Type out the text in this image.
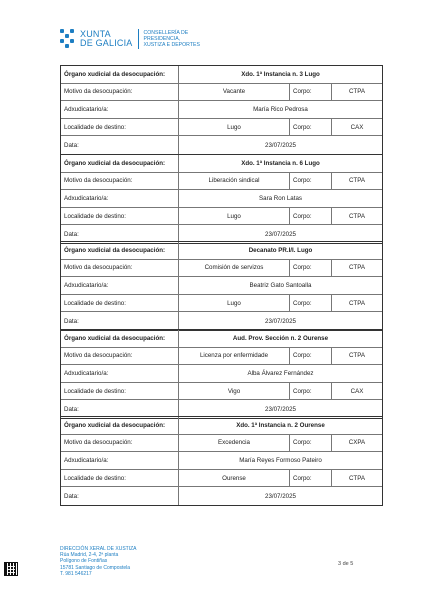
XUNTA
DE GALICIA
CONSELLERÍA DE
PRESIDENCIA,
XUSTIZA E DEPORTES
Órgano xudicial da desocupación:	Xdo. 1ª Instancia n. 3 Lugo
Motivo da desocupación:	Vacante	Corpo:	CTPA
Adxudicatario/a:	María Rico Pedrosa
Localidade de destino:	Lugo	Corpo:	CAX
Data:	23/07/2025
Órgano xudicial da desocupación:	Xdo. 1ª Instancia n. 6 Lugo
Motivo da desocupación:	Liberación sindical	Corpo:	CTPA
Adxudicatario/a:	Sara Ron Latas
Localidade de destino:	Lugo	Corpo:	CTPA
Data:	23/07/2025
Órgano xudicial da desocupación:	Decanato PR.I/I. Lugo
Motivo da desocupación:	Comisión de servizos	Corpo:	CTPA
Adxudicatario/a:	Beatriz Gato Santoalla
Localidade de destino:	Lugo	Corpo:	CTPA
Data:	23/07/2025
Órgano xudicial da desocupación:	Aud. Prov. Sección n. 2 Ourense
Motivo da desocupación:	Licenza por enfermidade	Corpo:	CTPA
Adxudicatario/a:	Alba Álvarez Fernández
Localidade de destino:	Vigo	Corpo:	CAX
Data:	23/07/2025
Órgano xudicial da desocupación:	Xdo. 1ª Instancia n. 2 Ourense
Motivo da desocupación:	Excedencia	Corpo:	CXPA
Adxudicatario/a:	María Reyes Formoso Pateiro
Localidade de destino:	Ourense	Corpo:	CTPA
Data:	23/07/2025
DIRECCIÓN XERAL DE XUSTIZA
Rúa Madrid, 2-4, 2ª planta
Polígono de Fontiñas
15781 Santiago de Compostela
T. 981 546217
3 de 5
